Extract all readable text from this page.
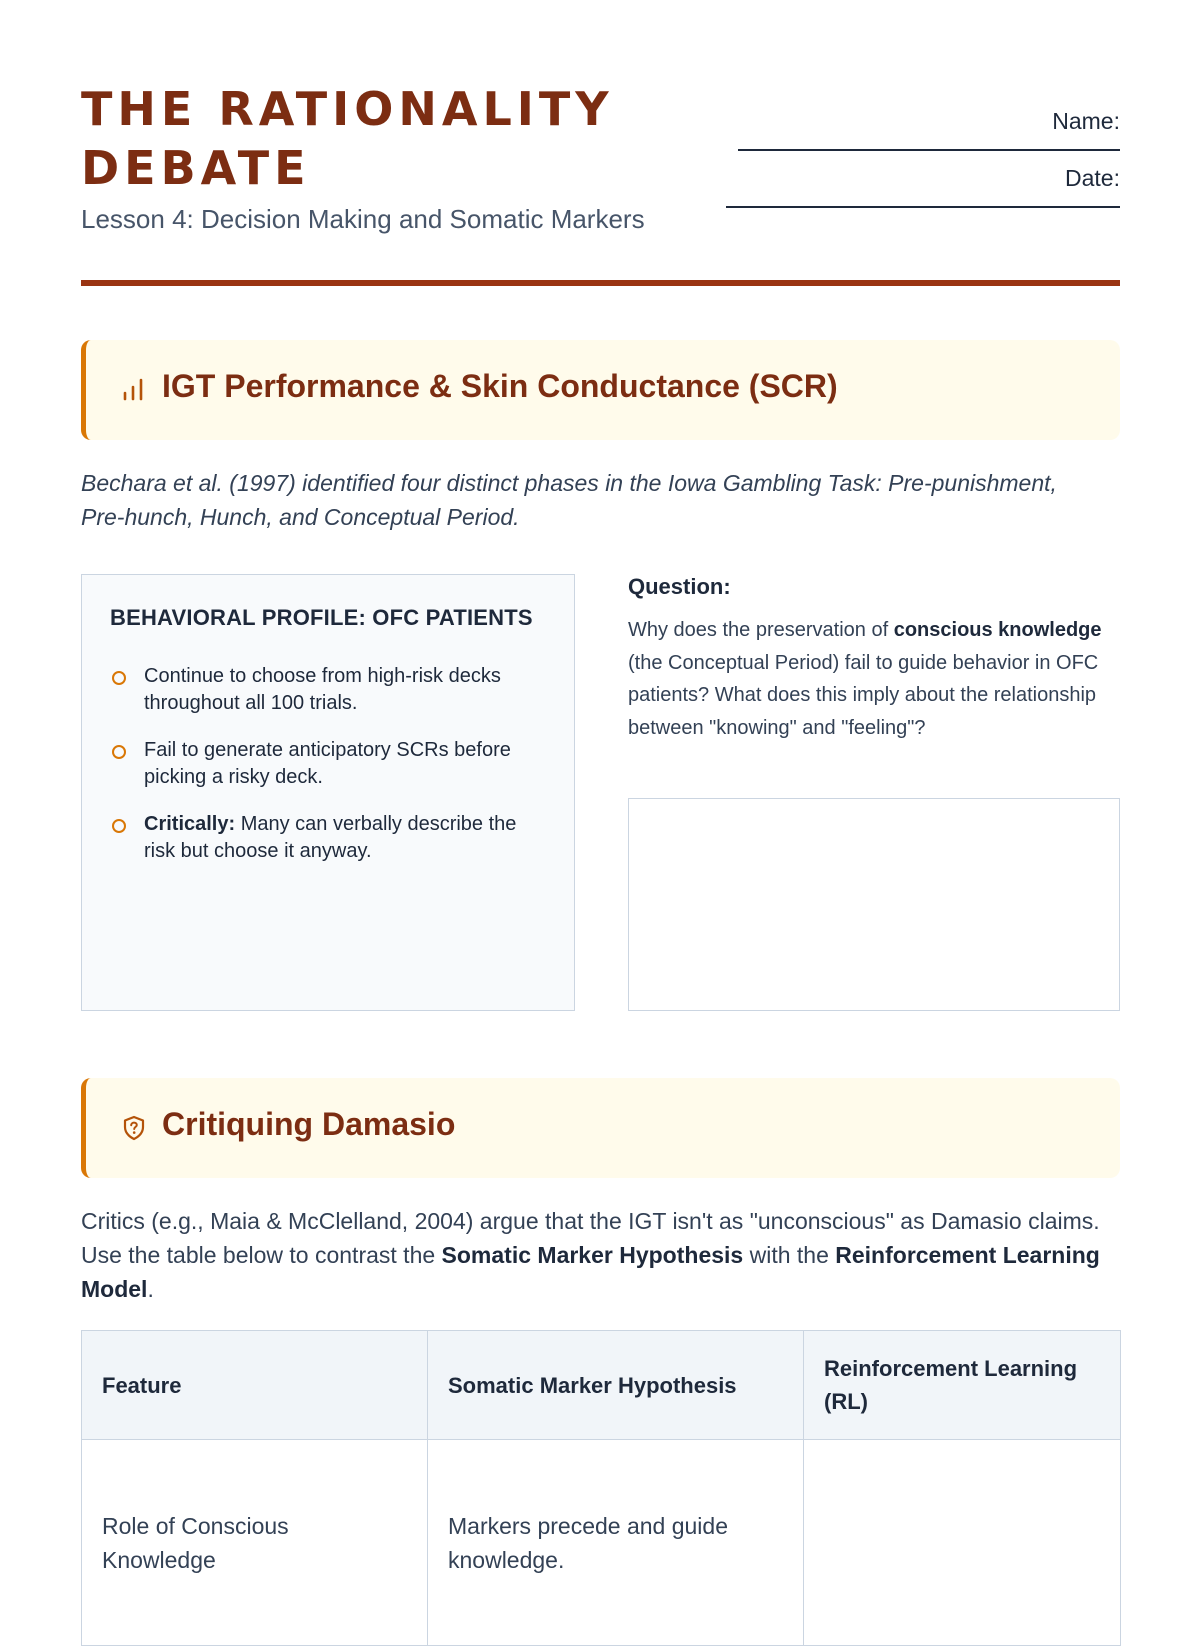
THE RATIONALITY DEBATE
Lesson 4: Decision Making and Somatic Markers
Name:
Date:
IGT Performance & Skin Conductance (SCR)
Bechara et al. (1997) identified four distinct phases in the Iowa Gambling Task: Pre-punishment, Pre-hunch, Hunch, and Conceptual Period.
BEHAVIORAL PROFILE: OFC PATIENTS
Continue to choose from high-risk decks throughout all 100 trials.
Fail to generate anticipatory SCRs before picking a risky deck.
Critically: Many can verbally describe the risk but choose it anyway.
Question:
Why does the preservation of conscious knowledge (the Conceptual Period) fail to guide behavior in OFC patients? What does this imply about the relationship between "knowing" and "feeling"?
Critiquing Damasio
Critics (e.g., Maia & McClelland, 2004) argue that the IGT isn't as "unconscious" as Damasio claims. Use the table below to contrast the Somatic Marker Hypothesis with the Reinforcement Learning Model.
Feature	Somatic Marker Hypothesis	Reinforcement Learning (RL)
Role of Conscious Knowledge	Markers precede and guide knowledge.	
